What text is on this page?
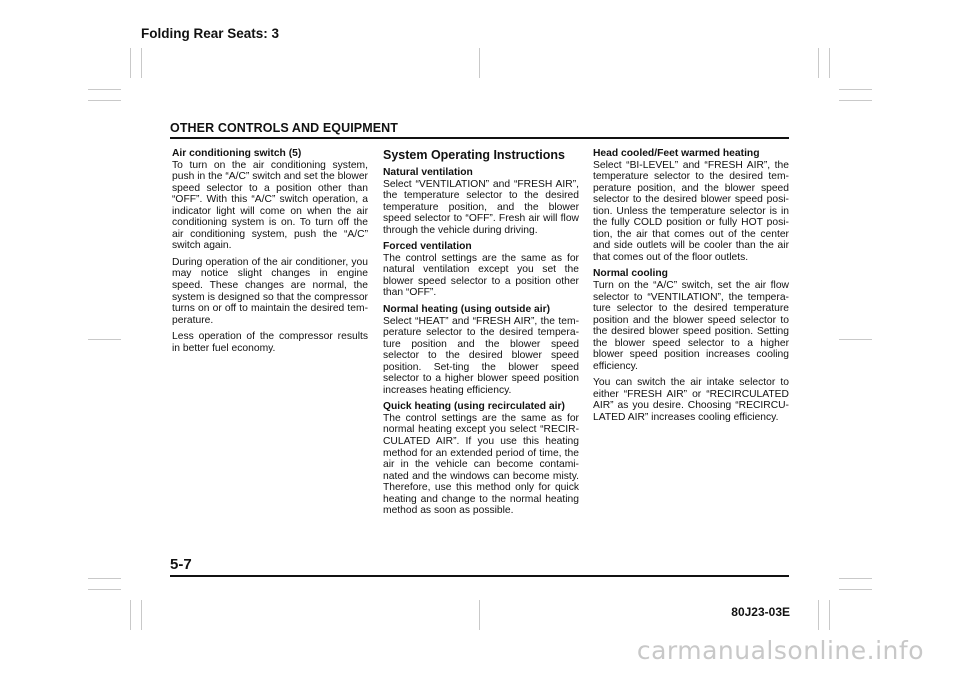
Folding Rear Seats: 3
OTHER CONTROLS AND EQUIPMENT

Air conditioning switch (5)
To turn on the air conditioning system, push in the “A/C” switch and set the blower speed selector to a position other than “OFF”. With this “A/C” switch operation, a indicator light will come on when the air conditioning system is on. To turn off the air conditioning system, push the “A/C” switch again.

During operation of the air conditioner, you may notice slight changes in engine speed. These changes are normal, the system is designed so that the compressor turns on or off to maintain the desired tem-perature.

Less operation of the compressor results in better fuel economy.

System Operating Instructions

Natural ventilation
Select “VENTILATION” and “FRESH AIR”, the temperature selector to the desired temperature position, and the blower speed selector to “OFF”. Fresh air will flow through the vehicle during driving.

Forced ventilation
The control settings are the same as for natural ventilation except you set the blower speed selector to a position other than “OFF”.

Normal heating (using outside air)
Select “HEAT” and “FRESH AIR”, the tem-perature selector to the desired tempera-ture position and the blower speed selector to the desired blower speed position. Set-ting the blower speed selector to a higher blower speed position increases heating efficiency.

Quick heating (using recirculated air)
The control settings are the same as for normal heating except you select “RECIR-CULATED AIR”. If you use this heating method for an extended period of time, the air in the vehicle can become contami-nated and the windows can become misty. Therefore, use this method only for quick heating and change to the normal heating method as soon as possible.

Head cooled/Feet warmed heating
Select “BI-LEVEL” and “FRESH AIR”, the temperature selector to the desired tem-perature position, and the blower speed selector to the desired blower speed posi-tion. Unless the temperature selector is in the fully COLD position or fully HOT posi-tion, the air that comes out of the center and side outlets will be cooler than the air that comes out of the floor outlets.

Normal cooling
Turn on the “A/C” switch, set the air flow selector to “VENTILATION”, the tempera-ture selector to the desired temperature position and the blower speed selector to the desired blower speed position. Setting the blower speed selector to a higher blower speed position increases cooling efficiency.

You can switch the air intake selector to either “FRESH AIR” or “RECIRCULATED AIR” as you desire. Choosing “RECIRCU-LATED AIR” increases cooling efficiency.

5-7
80J23-03E
carmanualsonline.info
